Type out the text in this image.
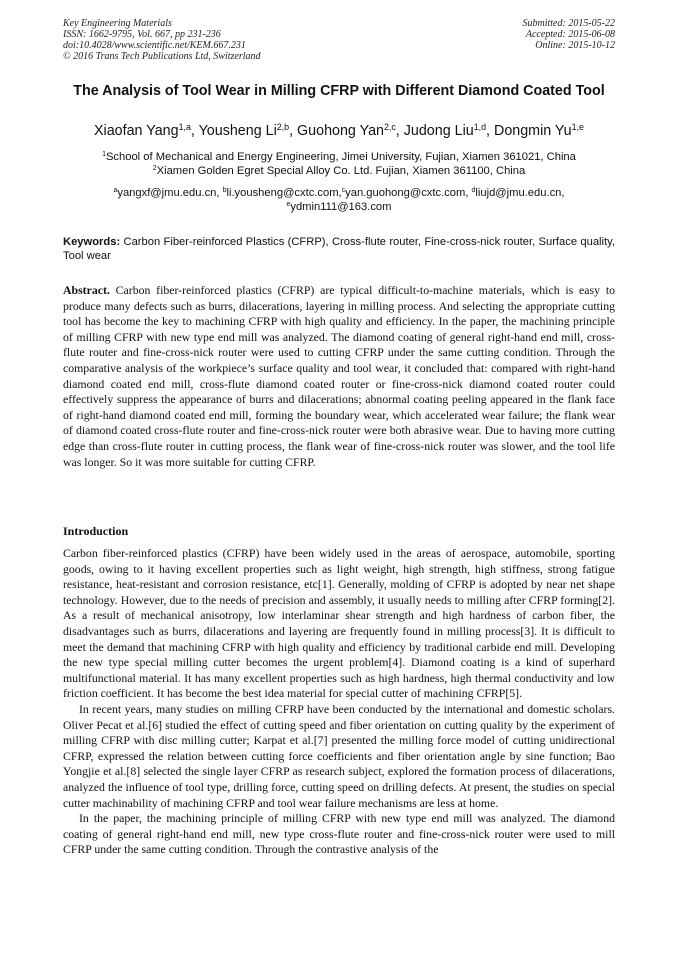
Key Engineering Materials
ISSN: 1662-9795, Vol. 667, pp 231-236
doi:10.4028/www.scientific.net/KEM.667.231
© 2016 Trans Tech Publications Ltd, Switzerland
Submitted: 2015-05-22
Accepted: 2015-06-08
Online: 2015-10-12
The Analysis of Tool Wear in Milling CFRP with Different Diamond Coated Tool
Xiaofan Yang$^{1,a}$, Yousheng Li$^{2,b}$, Guohong Yan$^{2,c}$, Judong Liu$^{1,d}$, Dongmin Yu$^{1,e}$
$^1$School of Mechanical and Energy Engineering, Jimei University, Fujian, Xiamen 361021, China
$^2$Xiamen Golden Egret Special Alloy Co. Ltd. Fujian, Xiamen 361100, China
$^a$yangxf@jmu.edu.cn, $^b$li.yousheng@cxtc.com,$^c$yan.guohong@cxtc.com, $^d$liujd@jmu.edu.cn,
$^e$ydmin111@163.com
Keywords: Carbon Fiber-reinforced Plastics (CFRP), Cross-flute router, Fine-cross-nick router, Surface quality, Tool wear
Abstract. Carbon fiber-reinforced plastics (CFRP) are typical difficult-to-machine materials, which is easy to produce many defects such as burrs, dilacerations, layering in milling process. And selecting the appropriate cutting tool has become the key to machining CFRP with high quality and efficiency. In the paper, the machining principle of milling CFRP with new type end mill was analyzed. The diamond coating of general right-hand end mill, cross-flute router and fine-cross-nick router were used to cutting CFRP under the same cutting condition. Through the comparative analysis of the workpiece’s surface quality and tool wear, it concluded that: compared with right-hand diamond coated end mill, cross-flute diamond coated router or fine-cross-nick diamond coated router could effectively suppress the appearance of burrs and dilacerations; abnormal coating peeling appeared in the flank face of right-hand diamond coated end mill, forming the boundary wear, which accelerated wear failure; the flank wear of diamond coated cross-flute router and fine-cross-nick router were both abrasive wear. Due to having more cutting edge than cross-flute router in cutting process, the flank wear of fine-cross-nick router was slower, and the tool life was longer. So it was more suitable for cutting CFRP.
Introduction

Carbon fiber-reinforced plastics (CFRP) have been widely used in the areas of aerospace, automobile, sporting goods, owing to it having excellent properties such as light weight, high strength, high stiffness, strong fatigue resistance, heat-resistant and corrosion resistance, etc[1]. Generally, molding of CFRP is adopted by near net shape technology. However, due to the needs of precision and assembly, it usually needs to milling after CFRP forming[2]. As a result of mechanical anisotropy, low interlaminar shear strength and high hardness of carbon fiber, the disadvantages such as burrs, dilacerations and layering are frequently found in milling process[3]. It is difficult to meet the demand that machining CFRP with high quality and efficiency by traditional carbide end mill. Developing the new type special milling cutter becomes the urgent problem[4]. Diamond coating is a kind of superhard multifunctional material. It has many excellent properties such as high hardness, high thermal conductivity and low friction coefficient. It has become the best idea material for special cutter of machining CFRP[5].

In recent years, many studies on milling CFRP have been conducted by the international and domestic scholars. Oliver Pecat et al.[6] studied the effect of cutting speed and fiber orientation on cutting quality by the experiment of milling CFRP with disc milling cutter; Karpat et al.[7] presented the milling force model of cutting unidirectional CFRP, expressed the relation between cutting force coefficients and fiber orientation angle by sine function; Bao Yongjie et al.[8] selected the single layer CFRP as research subject, explored the formation process of dilacerations, analyzed the influence of tool type, drilling force, cutting speed on drilling defects. At present, the studies on special cutter machinability of machining CFRP and tool wear failure mechanisms are less at home.

In the paper, the machining principle of milling CFRP with new type end mill was analyzed. The diamond coating of general right-hand end mill, new type cross-flute router and fine-cross-nick router were used to mill CFRP under the same cutting condition. Through the contrastive analysis of the
